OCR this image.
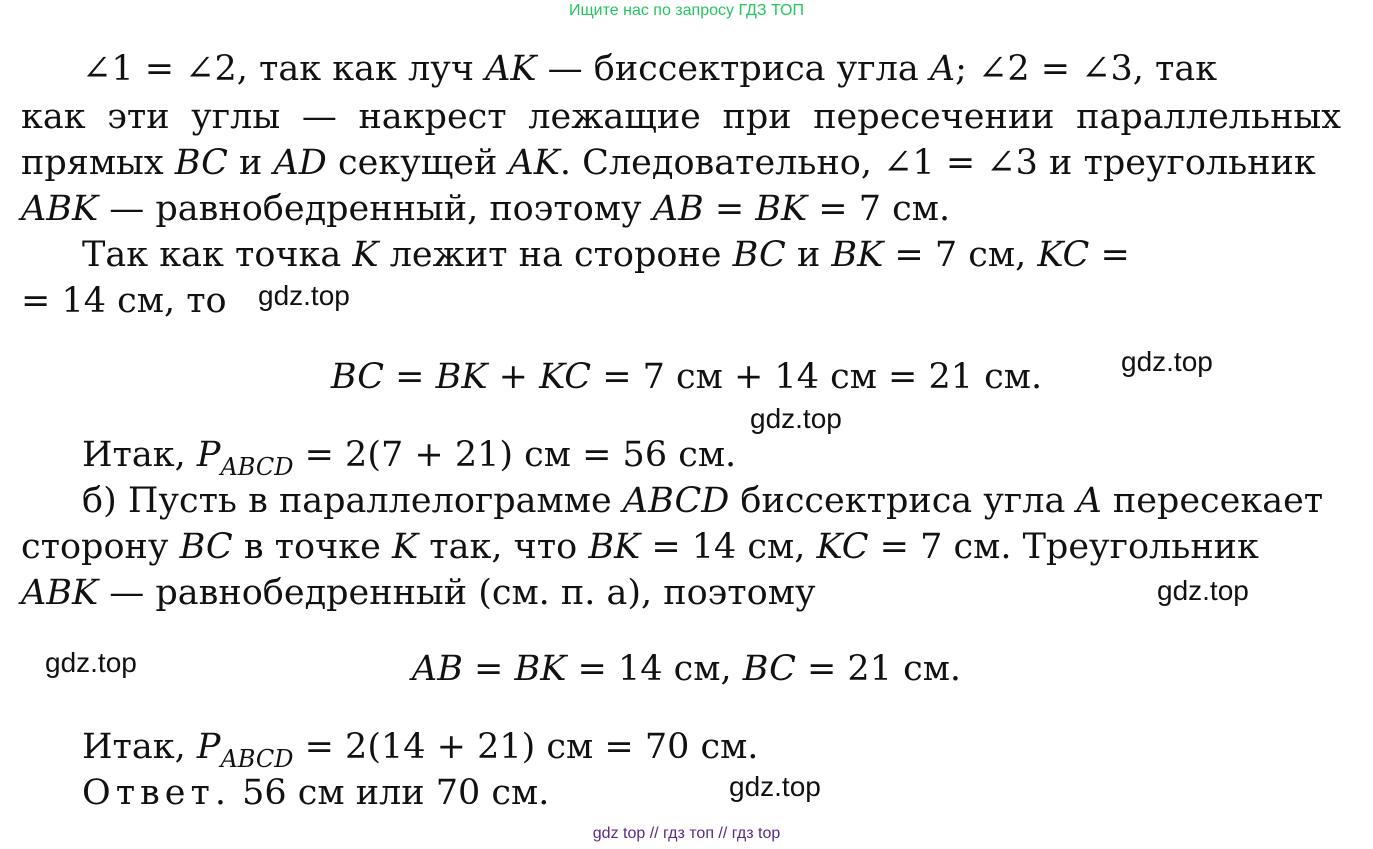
Ищите нас по запросу ГДЗ ТОП
∠1 = ∠2, так как луч AK — биссектриса угла A; ∠2 = ∠3, так
как эти углы — накрест лежащие при пересечении параллельных
прямых BC и AD секущей AK. Следовательно, ∠1 = ∠3 и треугольник
ABK — равнобедренный, поэтому AB = BK = 7 см.
Так как точка K лежит на стороне BC и BK = 7 см, KC =
= 14 см, то
BC = BK + KC = 7 см + 14 см = 21 см.
Итак, $P_{ABCD} = 2(7 + 21)$ см = 56 см.
б) Пусть в параллелограмме ABCD биссектриса угла A пересекает
сторону BC в точке K так, что BK = 14 см, KC = 7 см. Треугольник
ABK — равнобедренный (см. п. а), поэтому
AB = BK = 14 см, BC = 21 см.
Итак, $P_{ABCD} = 2(14 + 21)$ см = 70 см.
Ответ. 56 см или 70 см.
gdz.top
gdz.top
gdz.top
gdz.top
gdz.top
gdz.top
gdz top // гдз топ // гдз top
